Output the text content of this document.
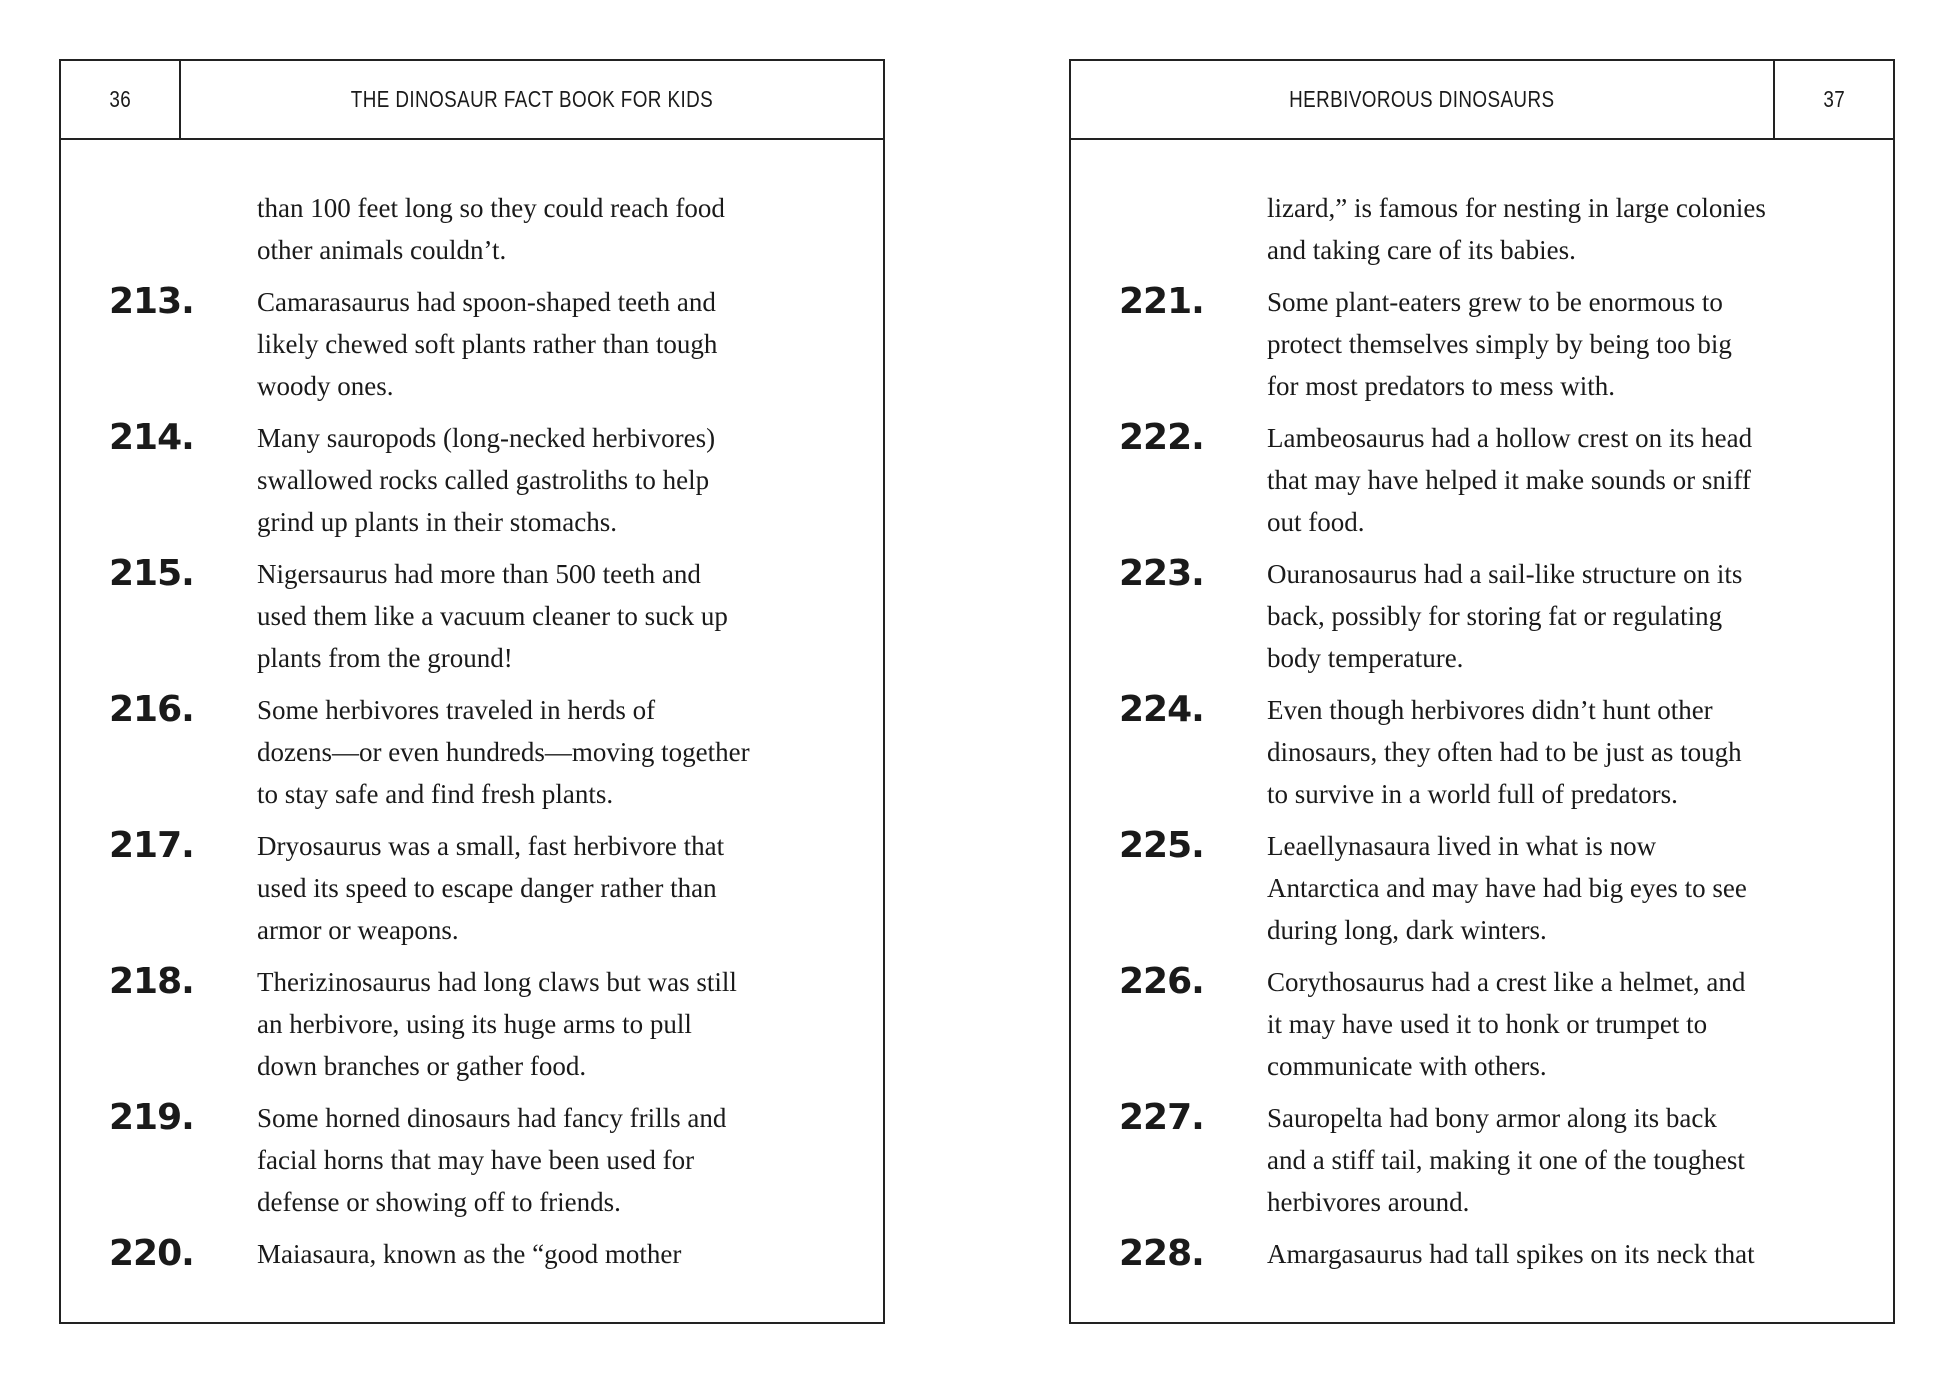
36	THE DINOSAUR FACT BOOK FOR KIDS
than 100 feet long so they could reach food
other animals couldn’t.
213.	Camarasaurus had spoon-shaped teeth and
likely chewed soft plants rather than tough
woody ones.
214.	Many sauropods (long-necked herbivores)
swallowed rocks called gastroliths to help
grind up plants in their stomachs.
215.	Nigersaurus had more than 500 teeth and
used them like a vacuum cleaner to suck up
plants from the ground!
216.	Some herbivores traveled in herds of
dozens—or even hundreds—moving together
to stay safe and find fresh plants.
217.	Dryosaurus was a small, fast herbivore that
used its speed to escape danger rather than
armor or weapons.
218.	Therizinosaurus had long claws but was still
an herbivore, using its huge arms to pull
down branches or gather food.
219.	Some horned dinosaurs had fancy frills and
facial horns that may have been used for
defense or showing off to friends.
220.	Maiasaura, known as the “good mother
HERBIVOROUS DINOSAURS	37
lizard,” is famous for nesting in large colonies
and taking care of its babies.
221.	Some plant-eaters grew to be enormous to
protect themselves simply by being too big
for most predators to mess with.
222.	Lambeosaurus had a hollow crest on its head
that may have helped it make sounds or sniff
out food.
223.	Ouranosaurus had a sail-like structure on its
back, possibly for storing fat or regulating
body temperature.
224.	Even though herbivores didn’t hunt other
dinosaurs, they often had to be just as tough
to survive in a world full of predators.
225.	Leaellynasaura lived in what is now
Antarctica and may have had big eyes to see
during long, dark winters.
226.	Corythosaurus had a crest like a helmet, and
it may have used it to honk or trumpet to
communicate with others.
227.	Sauropelta had bony armor along its back
and a stiff tail, making it one of the toughest
herbivores around.
228.	Amargasaurus had tall spikes on its neck that
